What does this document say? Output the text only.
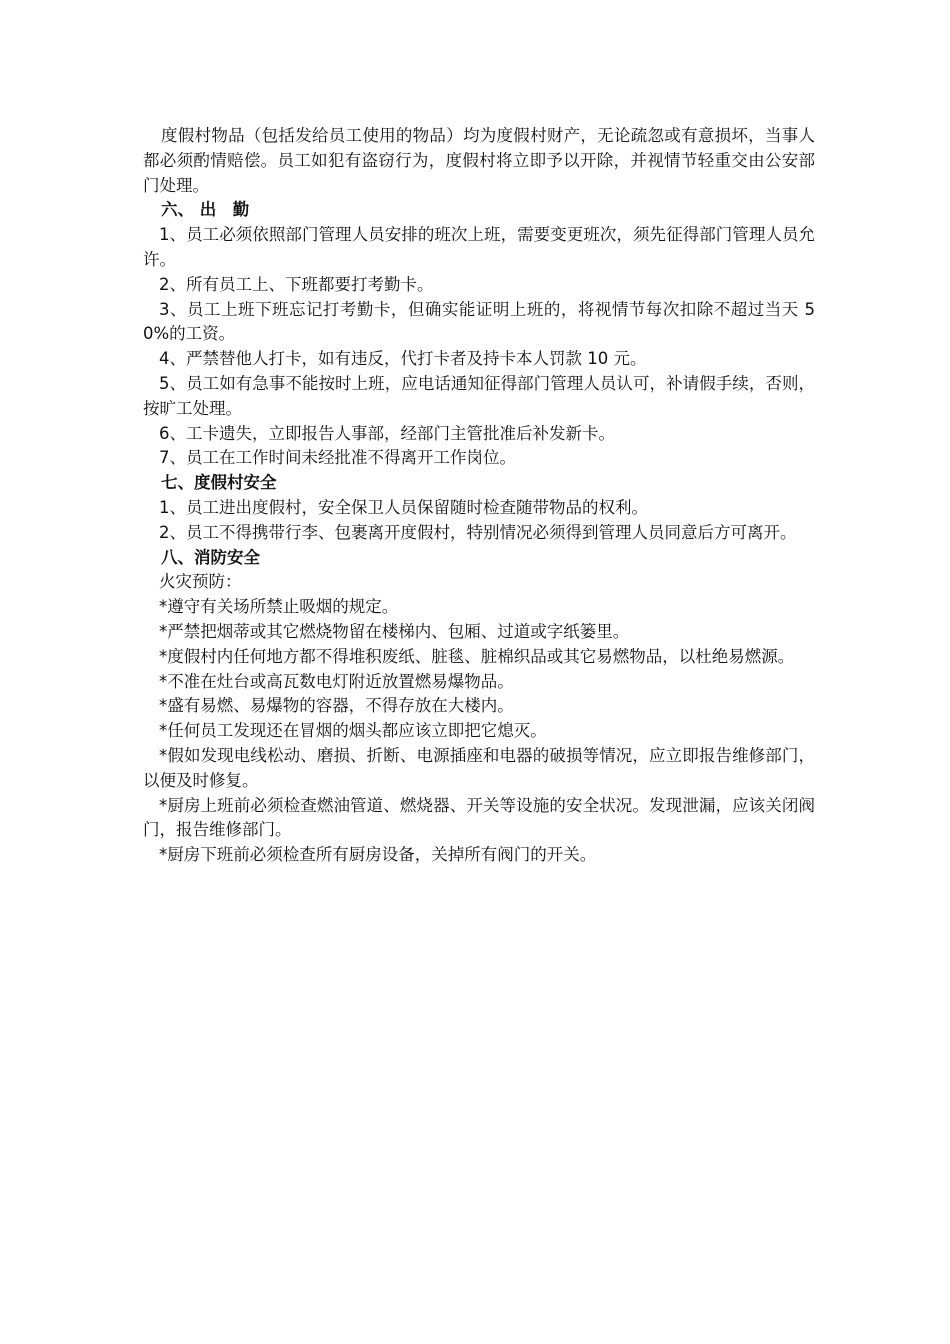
度假村物品（包括发给员工使用的物品）均为度假村财产，无论疏忽或有意损坏，当事人都必须酌情赔偿。员工如犯有盗窃行为，度假村将立即予以开除，并视情节轻重交由公安部门处理。

六、 出　勤

1、员工必须依照部门管理人员安排的班次上班，需要变更班次，须先征得部门管理人员允许。

2、所有员工上、下班都要打考勤卡。

3、员工上班下班忘记打考勤卡，但确实能证明上班的，将视情节每次扣除不超过当天 50%的工资。

4、严禁替他人打卡，如有违反，代打卡者及持卡本人罚款 10 元。

5、员工如有急事不能按时上班，应电话通知征得部门管理人员认可，补请假手续，否则，按旷工处理。

6、工卡遗失，立即报告人事部，经部门主管批准后补发新卡。

7、员工在工作时间未经批准不得离开工作岗位。

七、度假村安全

1、员工进出度假村，安全保卫人员保留随时检查随带物品的权利。

2、员工不得携带行李、包裹离开度假村，特别情况必须得到管理人员同意后方可离开。

八、消防安全

火灾预防：

*遵守有关场所禁止吸烟的规定。

*严禁把烟蒂或其它燃烧物留在楼梯内、包厢、过道或字纸篓里。

*度假村内任何地方都不得堆积废纸、脏毯、脏棉织品或其它易燃物品，以杜绝易燃源。

*不准在灶台或高瓦数电灯附近放置燃易爆物品。

*盛有易燃、易爆物的容器，不得存放在大楼内。

*任何员工发现还在冒烟的烟头都应该立即把它熄灭。

*假如发现电线松动、磨损、折断、电源插座和电器的破损等情况，应立即报告维修部门，以便及时修复。

*厨房上班前必须检查燃油管道、燃烧器、开关等设施的安全状况。发现泄漏，应该关闭阀门，报告维修部门。

*厨房下班前必须检查所有厨房设备，关掉所有阀门的开关。
